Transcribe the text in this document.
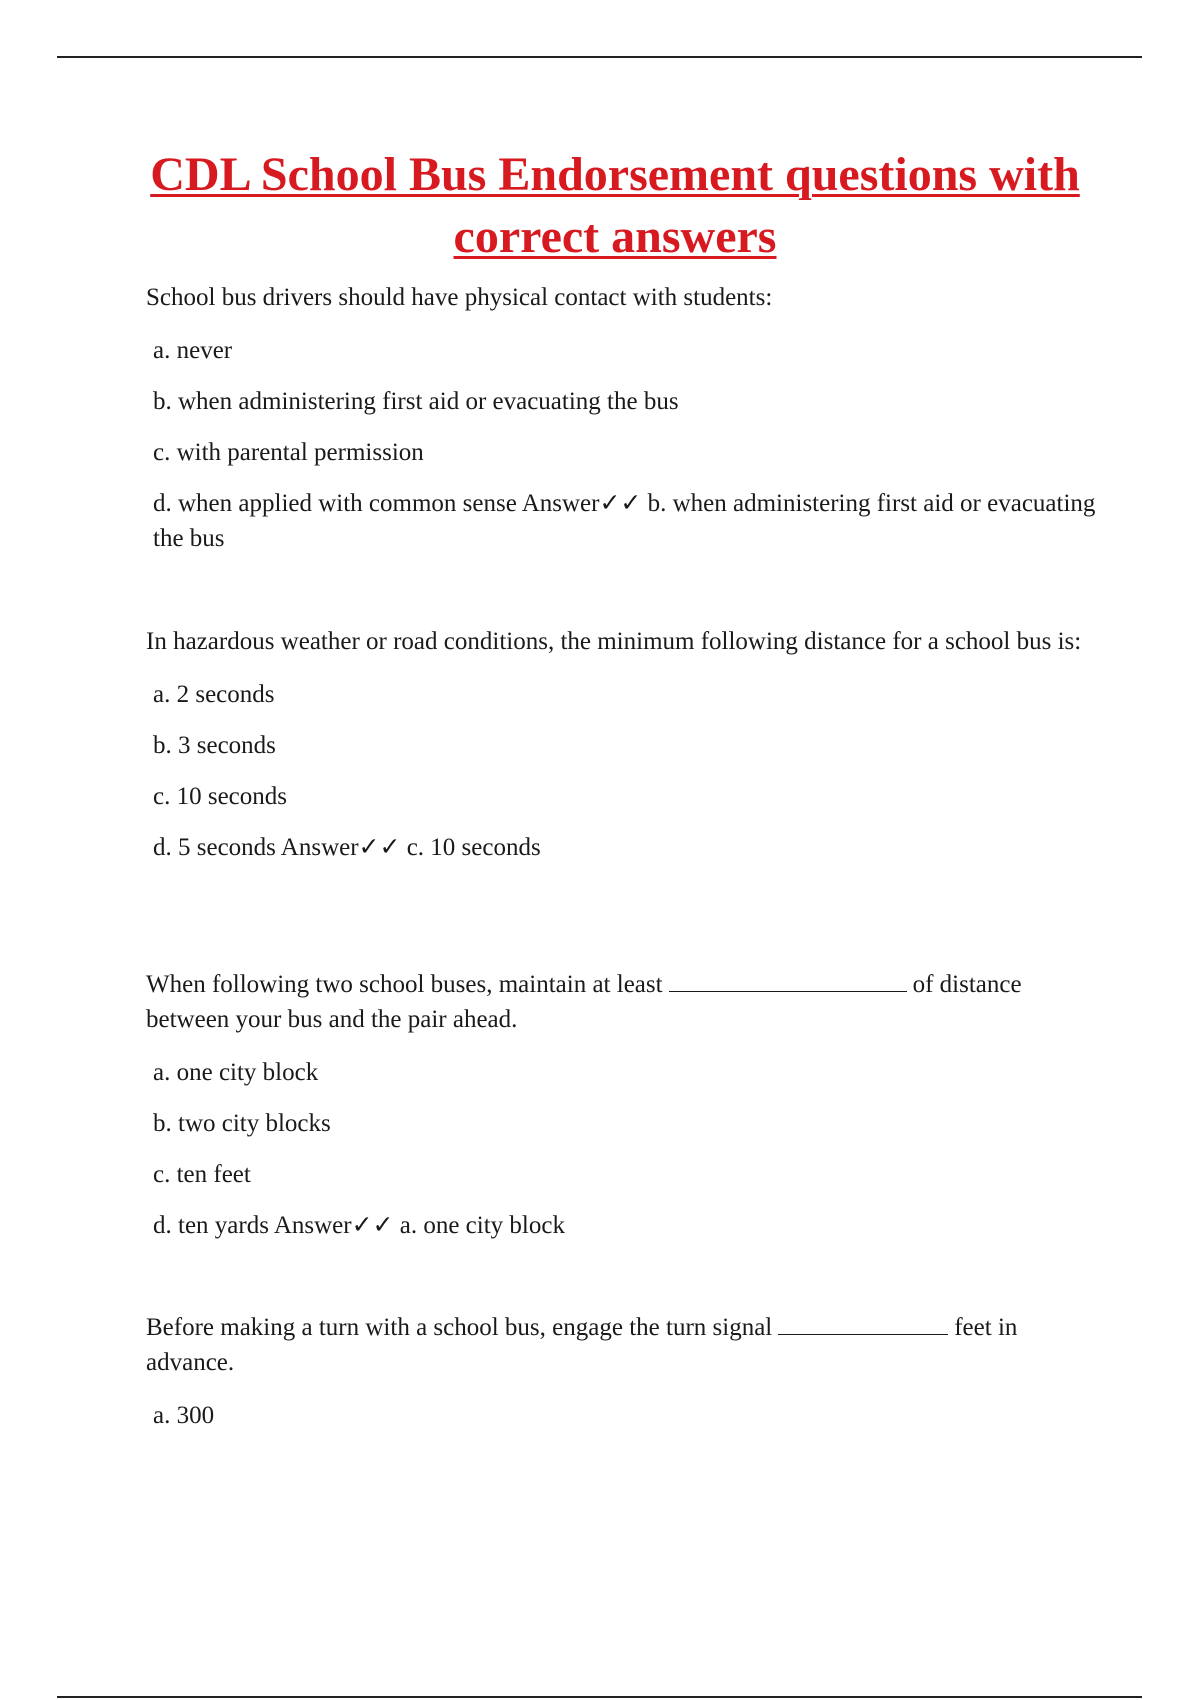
CDL School Bus Endorsement questions with correct answers

School bus drivers should have physical contact with students:

a. never
b. when administering first aid or evacuating the bus
c. with parental permission
d. when applied with common sense Answer✓✓ b. when administering first aid or evacuating the bus

In hazardous weather or road conditions, the minimum following distance for a school bus is:

a. 2 seconds
b. 3 seconds
c. 10 seconds
d. 5 seconds Answer✓✓ c. 10 seconds

When following two school buses, maintain at least	of distance between your bus and the pair ahead.

a. one city block
b. two city blocks
c. ten feet
d. ten yards Answer✓✓ a. one city block

Before making a turn with a school bus, engage the turn signal	feet in advance.

a. 300
